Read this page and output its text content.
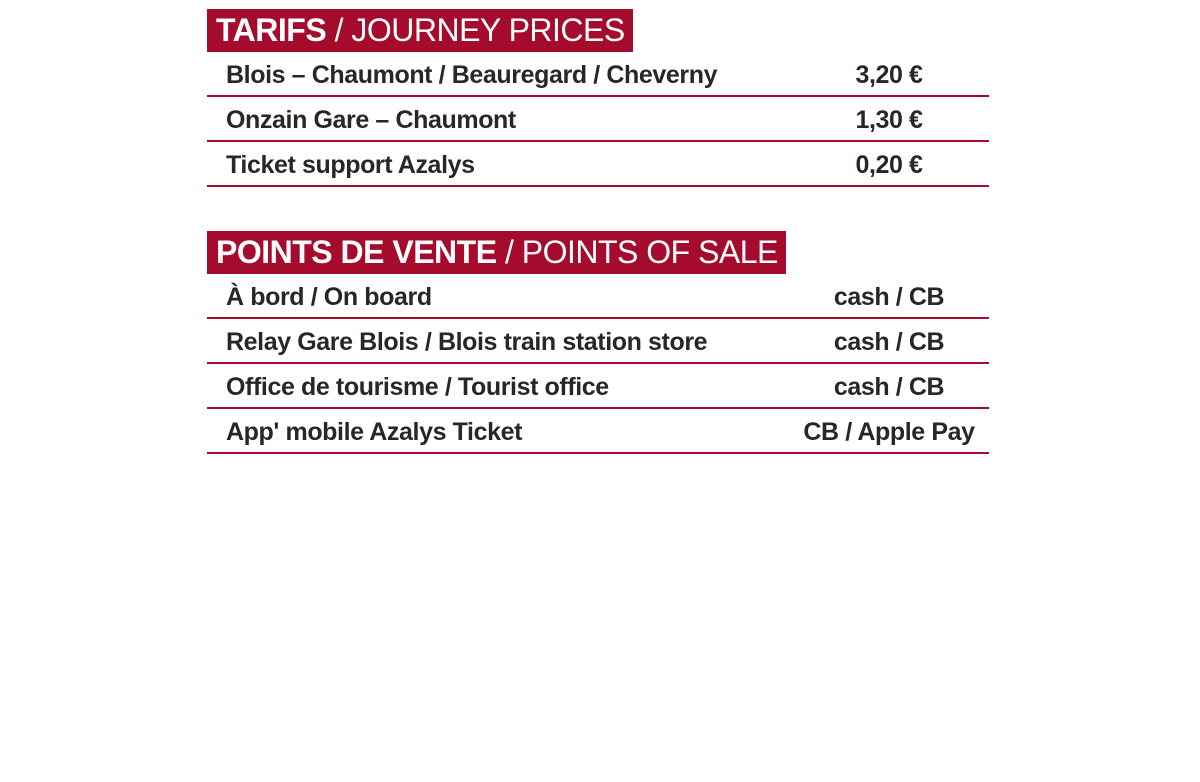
TARIFS / JOURNEY PRICES
Blois – Chaumont / Beauregard / Cheverny	3,20 €
Onzain Gare – Chaumont	1,30 €
Ticket support Azalys	0,20 €
POINTS DE VENTE / POINTS OF SALE
À bord / On board	cash / CB
Relay Gare Blois / Blois train station store	cash / CB
Office de tourisme / Tourist office	cash / CB
App' mobile Azalys Ticket	CB / Apple Pay
